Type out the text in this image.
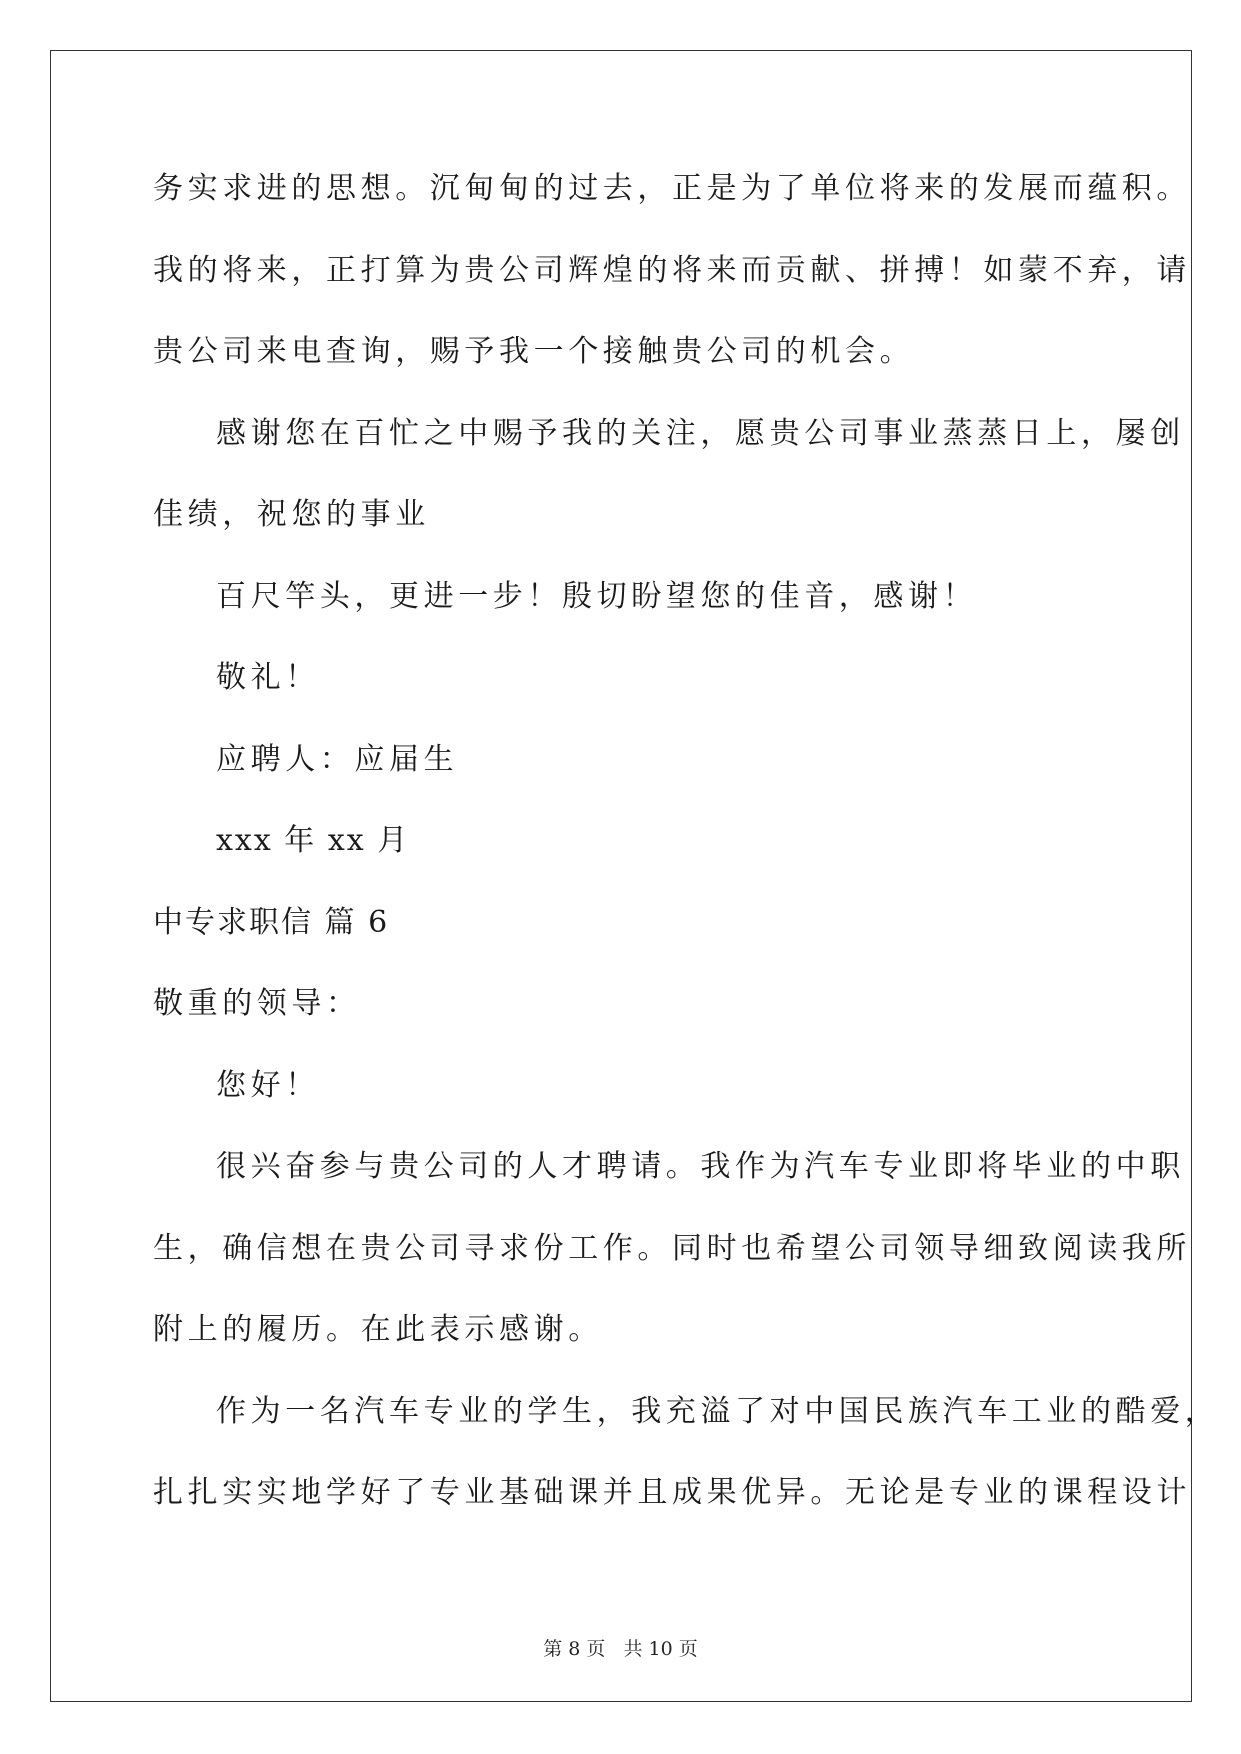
务实求进的思想。沉甸甸的过去，正是为了单位将来的发展而蕴积。
我的将来，正打算为贵公司辉煌的将来而贡献、拼搏！如蒙不弃，请
贵公司来电查询，赐予我一个接触贵公司的机会。
感谢您在百忙之中赐予我的关注，愿贵公司事业蒸蒸日上，屡创
佳绩，祝您的事业
百尺竿头，更进一步！殷切盼望您的佳音，感谢！
敬礼！
应聘人：应届生
xxx 年 xx 月
中专求职信 篇 6
敬重的领导：
您好！
很兴奋参与贵公司的人才聘请。我作为汽车专业即将毕业的中职
生，确信想在贵公司寻求份工作。同时也希望公司领导细致阅读我所
附上的履历。在此表示感谢。
作为一名汽车专业的学生，我充溢了对中国民族汽车工业的酷爱，
扎扎实实地学好了专业基础课并且成果优异。无论是专业的课程设计
第 8 页 共 10 页
